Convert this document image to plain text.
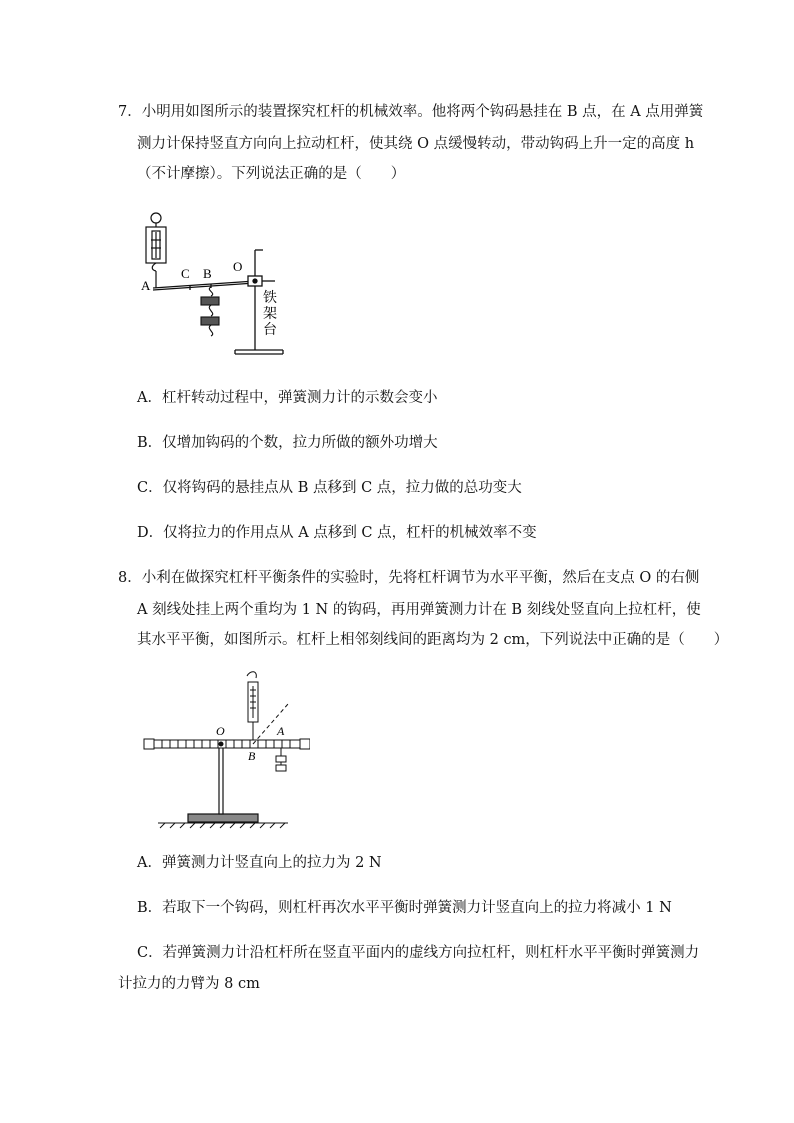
7．小明用如图所示的装置探究杠杆的机械效率。他将两个钩码悬挂在 B 点，在 A 点用弹簧
测力计保持竖直方向向上拉动杠杆，使其绕 O 点缓慢转动，带动钩码上升一定的高度 h
（不计摩擦）。下列说法正确的是（　　）
A
C B O
铁
架
台
A．杠杆转动过程中，弹簧测力计的示数会变小
B．仅增加钩码的个数，拉力所做的额外功增大
C．仅将钩码的悬挂点从 B 点移到 C 点，拉力做的总功变大
D．仅将拉力的作用点从 A 点移到 C 点，杠杆的机械效率不变
8．小利在做探究杠杆平衡条件的实验时，先将杠杆调节为水平平衡，然后在支点 O 的右侧
A 刻线处挂上两个重均为 1 N 的钩码，再用弹簧测力计在 B 刻线处竖直向上拉杠杆，使
其水平平衡，如图所示。杠杆上相邻刻线间的距离均为 2 cm，下列说法中正确的是（　　）
O	A
B
A．弹簧测力计竖直向上的拉力为 2 N
B．若取下一个钩码，则杠杆再次水平平衡时弹簧测力计竖直向上的拉力将减小 1 N
C．若弹簧测力计沿杠杆所在竖直平面内的虚线方向拉杠杆，则杠杆水平平衡时弹簧测力
计拉力的力臂为 8 cm
